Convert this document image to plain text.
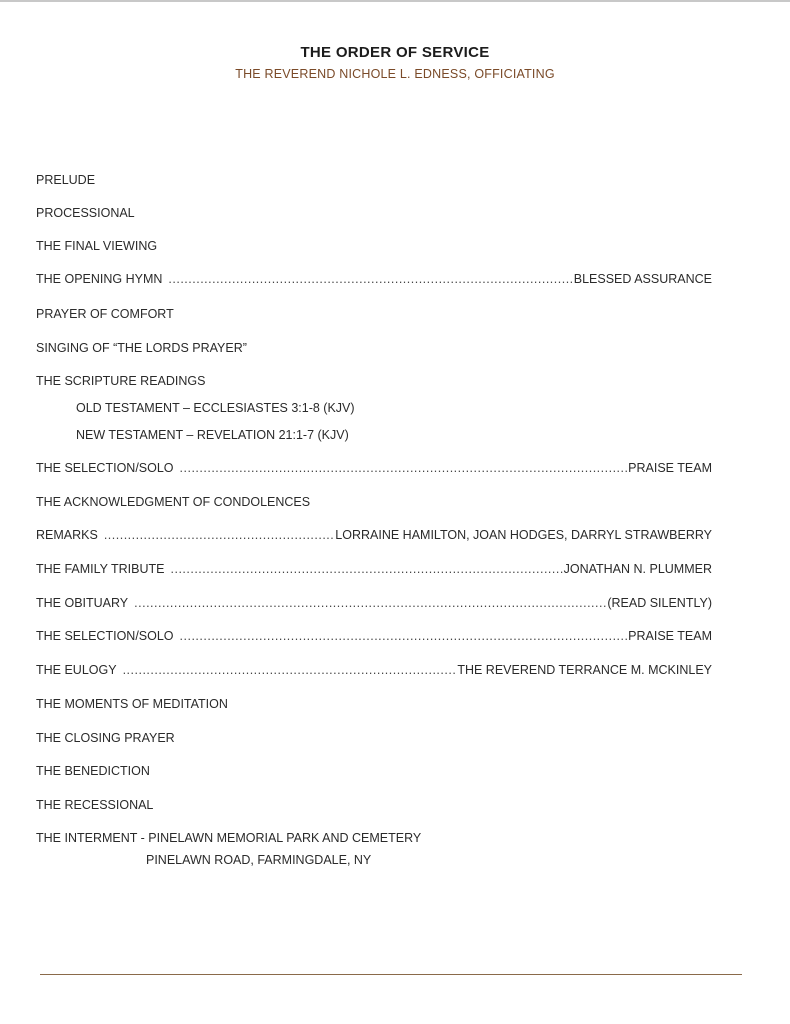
THE ORDER OF SERVICE
THE REVEREND NICHOLE L. EDNESS, OFFICIATING
PRELUDE
PROCESSIONAL
THE FINAL VIEWING
THE OPENING HYMN .....	BLESSED ASSURANCE
PRAYER OF COMFORT
SINGING OF “THE LORDS PRAYER”
THE SCRIPTURE READINGS
OLD TESTAMENT – ECCLESIASTES 3:1-8 (KJV)
NEW TESTAMENT – REVELATION 21:1-7 (KJV)
THE SELECTION/SOLO .....	PRAISE TEAM
THE ACKNOWLEDGMENT OF CONDOLENCES
REMARKS .....	LORRAINE HAMILTON, JOAN HODGES, DARRYL STRAWBERRY
THE FAMILY TRIBUTE .....	JONATHAN N. PLUMMER
THE OBITUARY .....	(READ SILENTLY)
THE SELECTION/SOLO .....	PRAISE TEAM
THE EULOGY .....	THE REVEREND TERRANCE M. MCKINLEY
THE MOMENTS OF MEDITATION
THE CLOSING PRAYER
THE BENEDICTION
THE RECESSIONAL
THE INTERMENT - PINELAWN MEMORIAL PARK AND CEMETERY
PINELAWN ROAD, FARMINGDALE, NY
